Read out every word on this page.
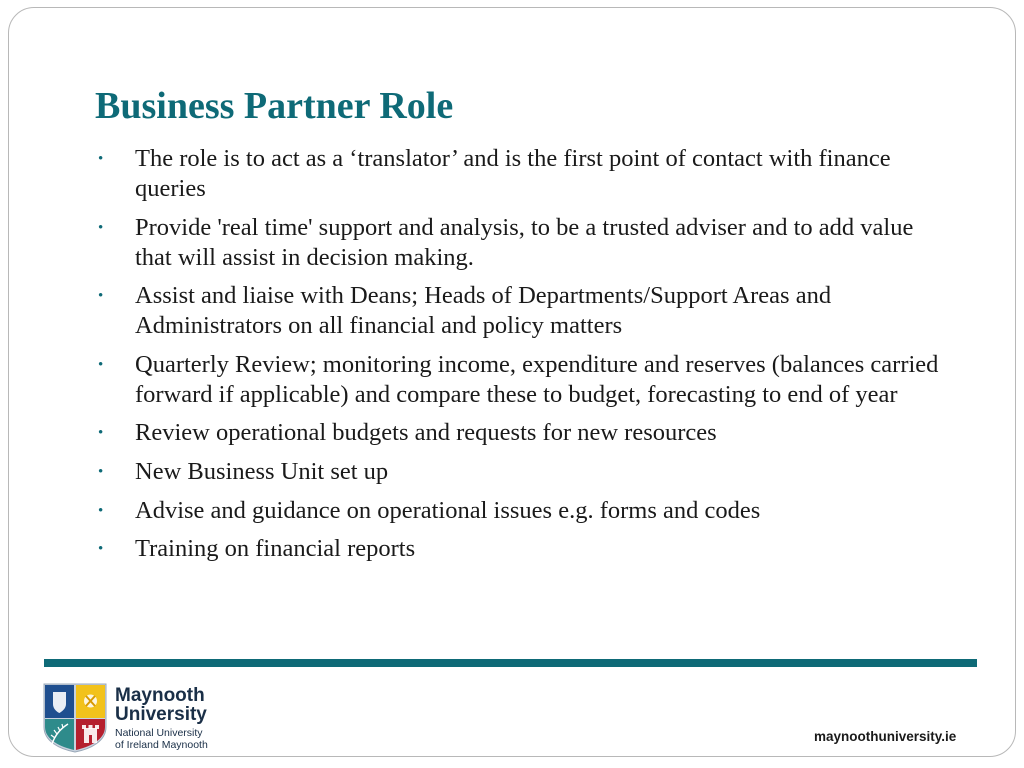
Business Partner Role
• The role is to act as a ‘translator’ and is the first point of contact with finance queries
• Provide 'real time' support and analysis, to be a trusted adviser and to add value that will assist in decision making.
• Assist and liaise with Deans; Heads of Departments/Support Areas and Administrators on all financial and policy matters
• Quarterly Review; monitoring income, expenditure and reserves (balances carried forward if applicable) and compare these to budget, forecasting to end of year
• Review operational budgets and requests for new resources
• New Business Unit set up
• Advise and guidance on operational issues e.g. forms and codes
• Training on financial reports
Maynooth
University
National University
of Ireland Maynooth
maynoothuniversity.ie
